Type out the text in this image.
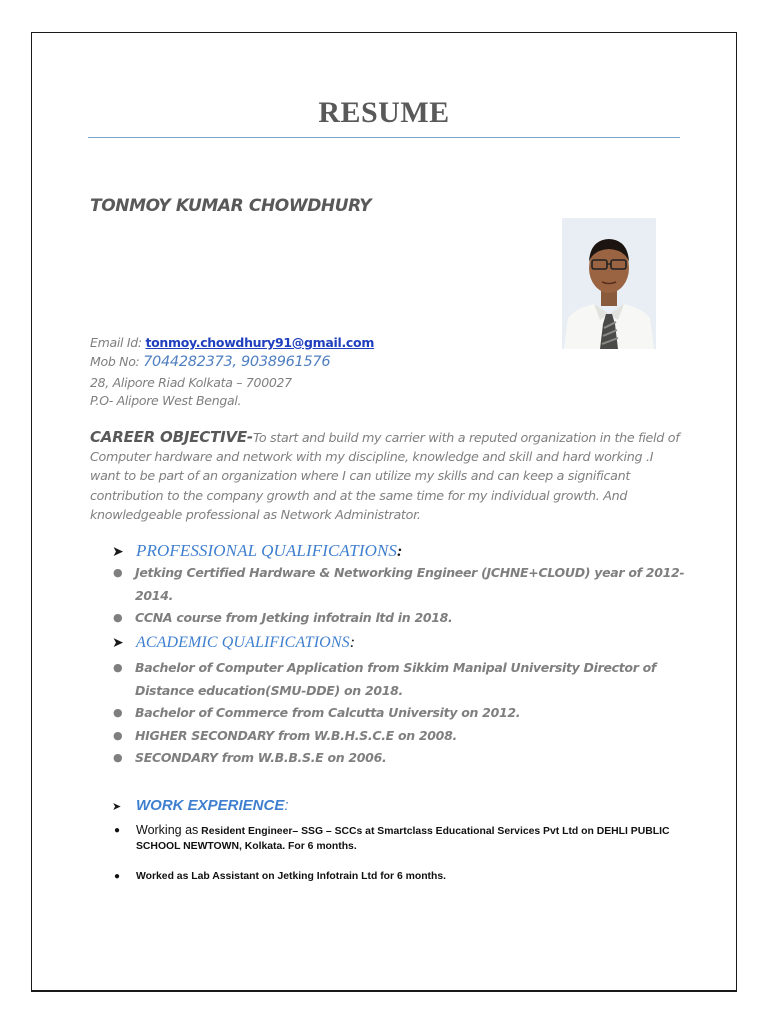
RESUME
TONMOY KUMAR CHOWDHURY
Email Id: tonmoy.chowdhury91@gmail.com
Mob No: 7044282373, 9038961576
28, Alipore Riad Kolkata – 700027
P.O- Alipore West Bengal.
CAREER OBJECTIVE-To start and build my carrier with a reputed organization in the field of Computer hardware and network with my discipline, knowledge and skill and hard working .I want to be part of an organization where I can utilize my skills and can keep a significant contribution to the company growth and at the same time for my individual growth. And knowledgeable professional as Network Administrator.
➤ PROFESSIONAL QUALIFICATIONS:
● Jetking Certified Hardware & Networking Engineer (JCHNE+CLOUD) year of 2012-2014.
● CCNA course from Jetking infotrain ltd in 2018.
➤ ACADEMIC QUALIFICATIONS:
● Bachelor of Computer Application from Sikkim Manipal University Director of Distance education(SMU-DDE) on 2018.
● Bachelor of Commerce from Calcutta University on 2012.
● HIGHER SECONDARY from W.B.H.S.C.E on 2008.
● SECONDARY from W.B.B.S.E on 2006.
➤ WORK EXPERIENCE:
● Working as Resident Engineer– SSG – SCCs at Smartclass Educational Services Pvt Ltd on DEHLI PUBLIC SCHOOL NEWTOWN, Kolkata. For 6 months.
● Worked as Lab Assistant on Jetking Infotrain Ltd for 6 months.
